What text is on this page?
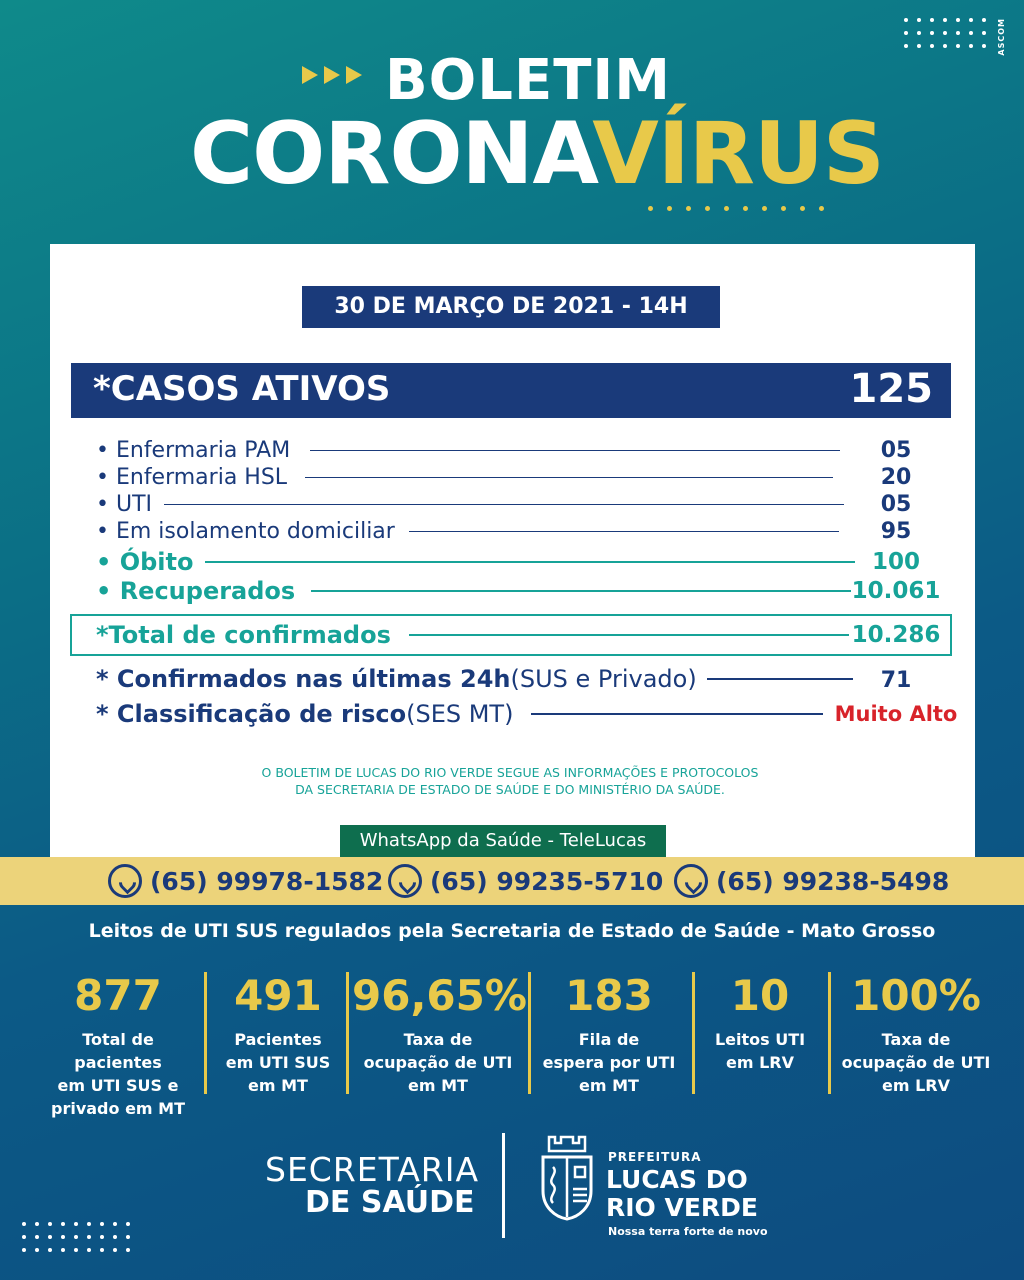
ASCOM
BOLETIM
CORONAVÍRUS
30 DE MARÇO DE 2021 - 14H
*CASOS ATIVOS	125
• Enfermaria PAM	05
• Enfermaria HSL	20
• UTI	05
• Em isolamento domiciliar	95
• Óbito	100
• Recuperados	10.061
*Total de confirmados	10.286
* Confirmados nas últimas 24h (SUS e Privado)	71
* Classificação de risco (SES MT)	Muito Alto
O BOLETIM DE LUCAS DO RIO VERDE SEGUE AS INFORMAÇÕES E PROTOCOLOS
DA SECRETARIA DE ESTADO DE SAÚDE E DO MINISTÉRIO DA SAÚDE.
WhatsApp da Saúde - TeleLucas
(65) 99978-1582 (65) 99235-5710 (65) 99238-5498
Leitos de UTI SUS regulados pela Secretaria de Estado de Saúde - Mato Grosso
877
Total de pacientes
em UTI SUS e
privado em MT
491
Pacientes
em UTI SUS
em MT
96,65%
Taxa de
ocupação de UTI
em MT
183
Fila de
espera por UTI
em MT
10
Leitos UTI
em LRV
100%
Taxa de
ocupação de UTI
em LRV
SECRETARIA
DE SAÚDE
PREFEITURA
LUCAS DO
RIO VERDE
Nossa terra forte de novo
